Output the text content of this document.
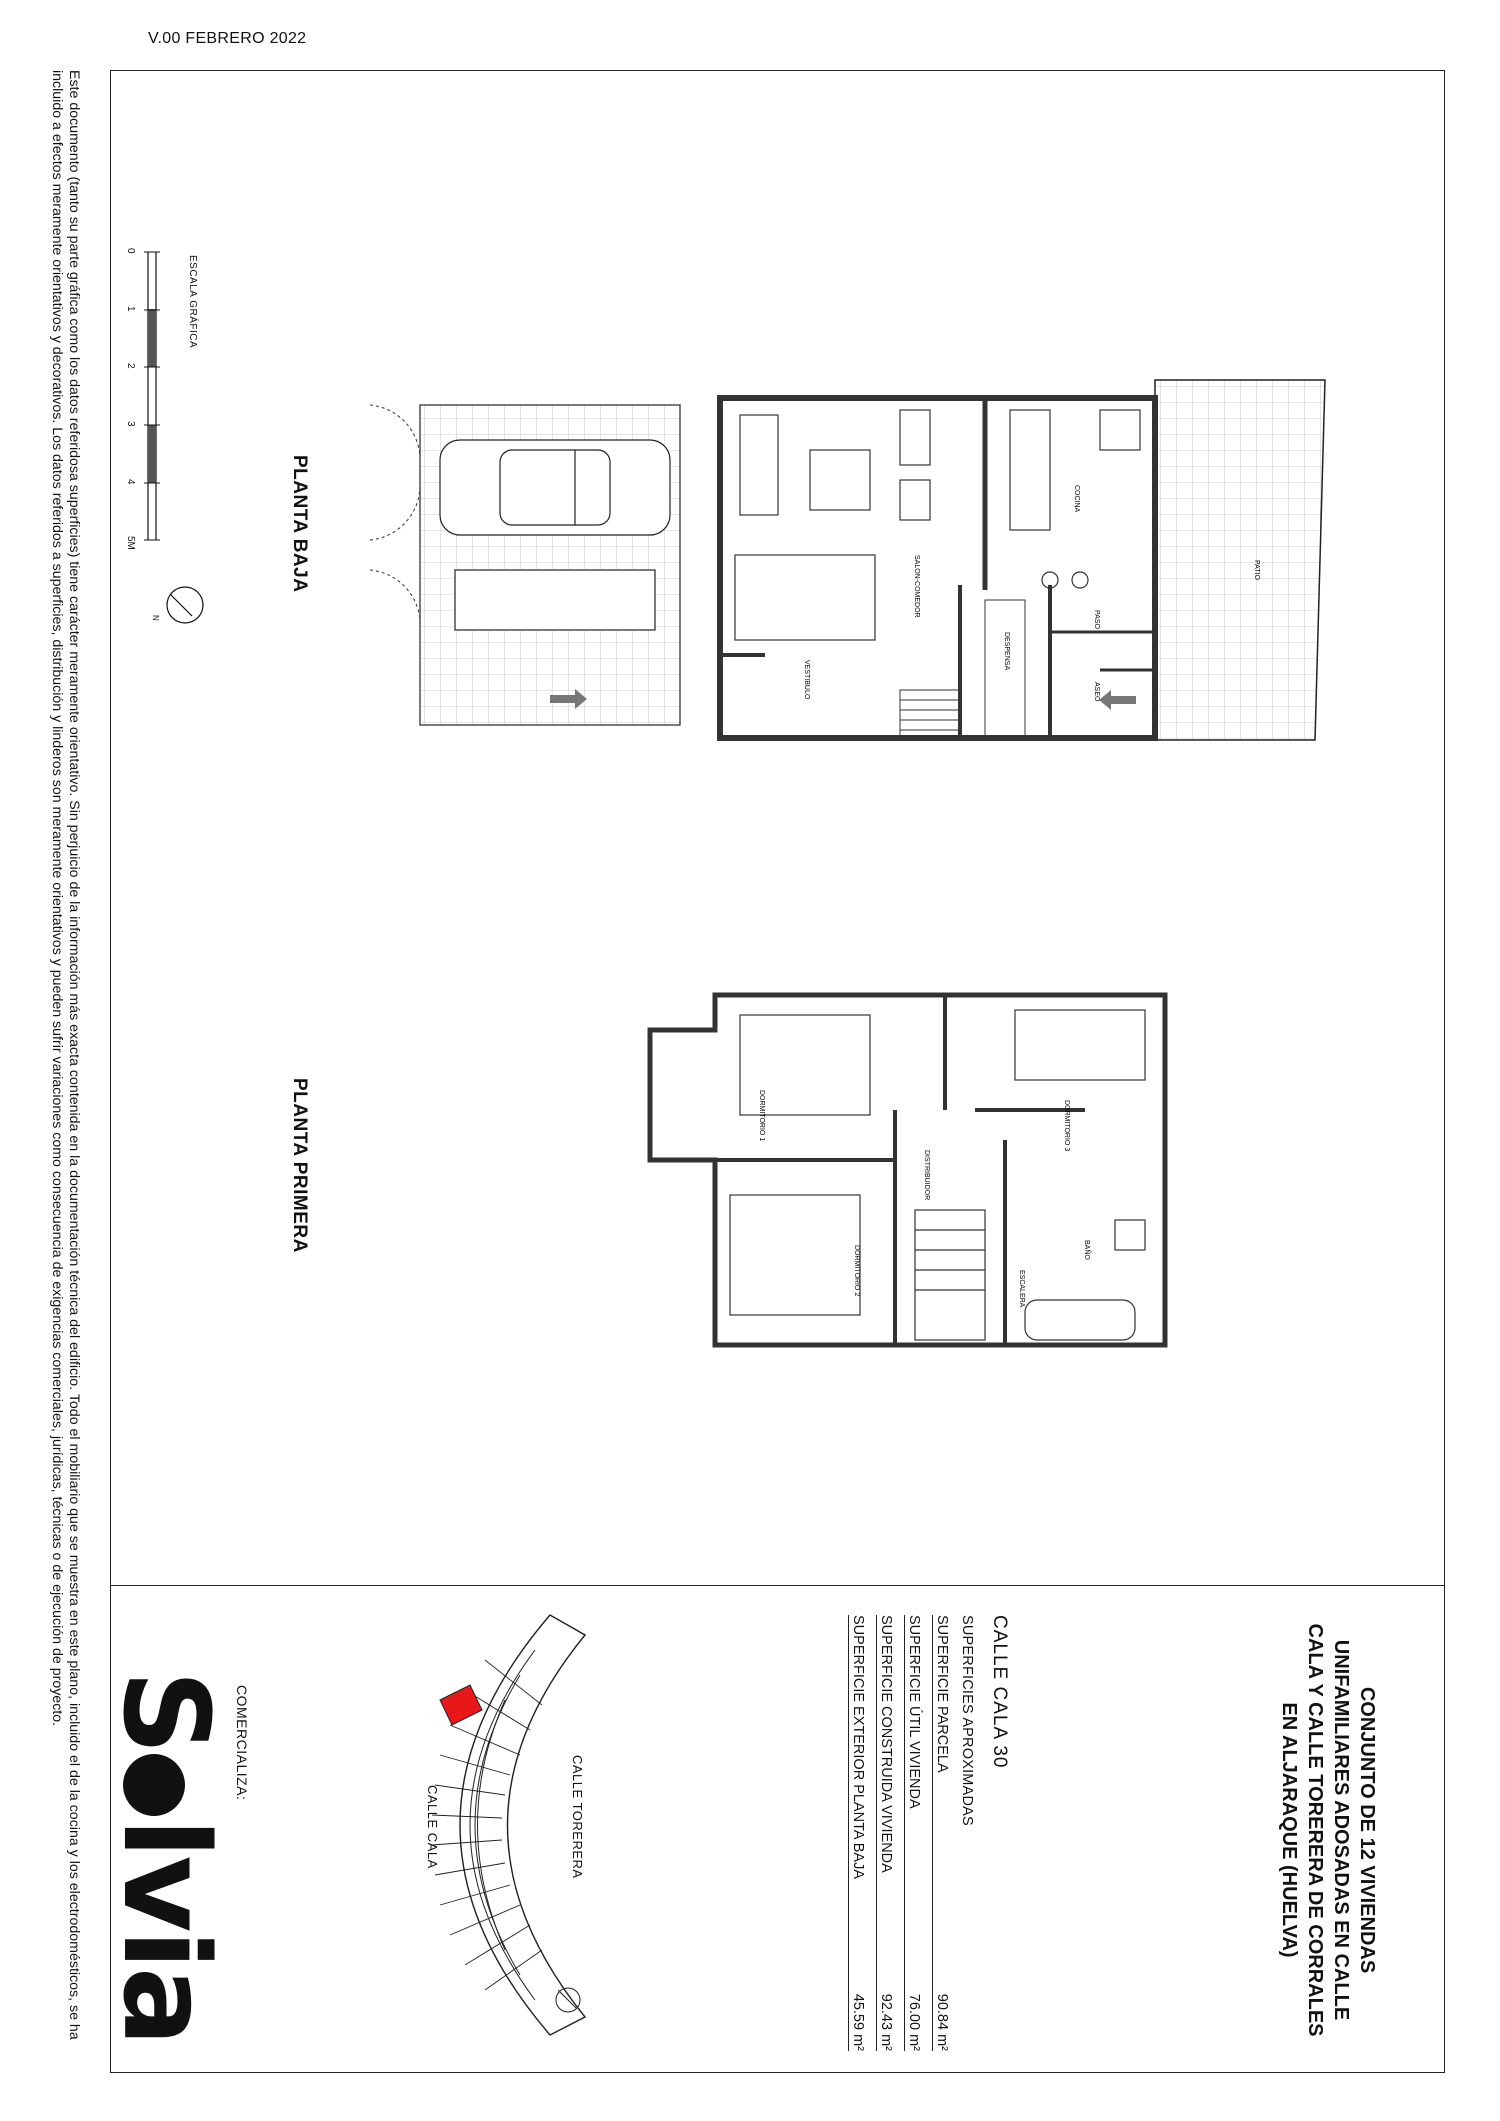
V.00 FEBRERO 2022
Este documento (tanto su parte gráfica como los datos referidosa superficies) tiene carácter meramente orientativo. Sin perjuicio de la información más exacta contenida en la documentación técnica del edificio. Todo el mobiliario que se muestra en este plano, incluido el de la cocina y los electrodomésticos, se ha incluido a efectos meramente orientativos y decorativos. Los datos referidos a superficies, distribución y linderos son meramente orientativos y pueden sufrir variaciones como consecuencia de exigencias comerciales, jurídicas, técnicas o de ejecución de proyecto.	ESCALA GRÁFICA
0
1
2
3
4
5M
N
PLANTA BAJA
PLANTA PRIMERA
PATIO
COCINA
SALON-COMEDOR
PASO
DESPENSA
ASEO
VESTIBULO
DORMITORIO 1	DORMITORIO 3
DISTRIBUIDOR
DORMITORIO 2	BAÑO
ESCALERA
CONJUNTO DE 12 VIVIENDAS UNIFAMILIARES ADOSADAS EN CALLE CALA Y CALLE TORERERA DE CORRALES EN ALJARAQUE (HUELVA)
CALLE CALA 30
SUPERFICIES APROXIMADAS
SUPERFICIE PARCELA
90.84 m²
SUPERFICIE ÚTIL VIVIENDA
76.00 m²
SUPERFICIE CONSTRUIDA VIVIENDA
92.43 m²
SUPERFICIE EXTERIOR PLANTA BAJA
45.59 m²
CALLE TORERERA
CALLE CALA
COMERCIALIZA:
Slvia
